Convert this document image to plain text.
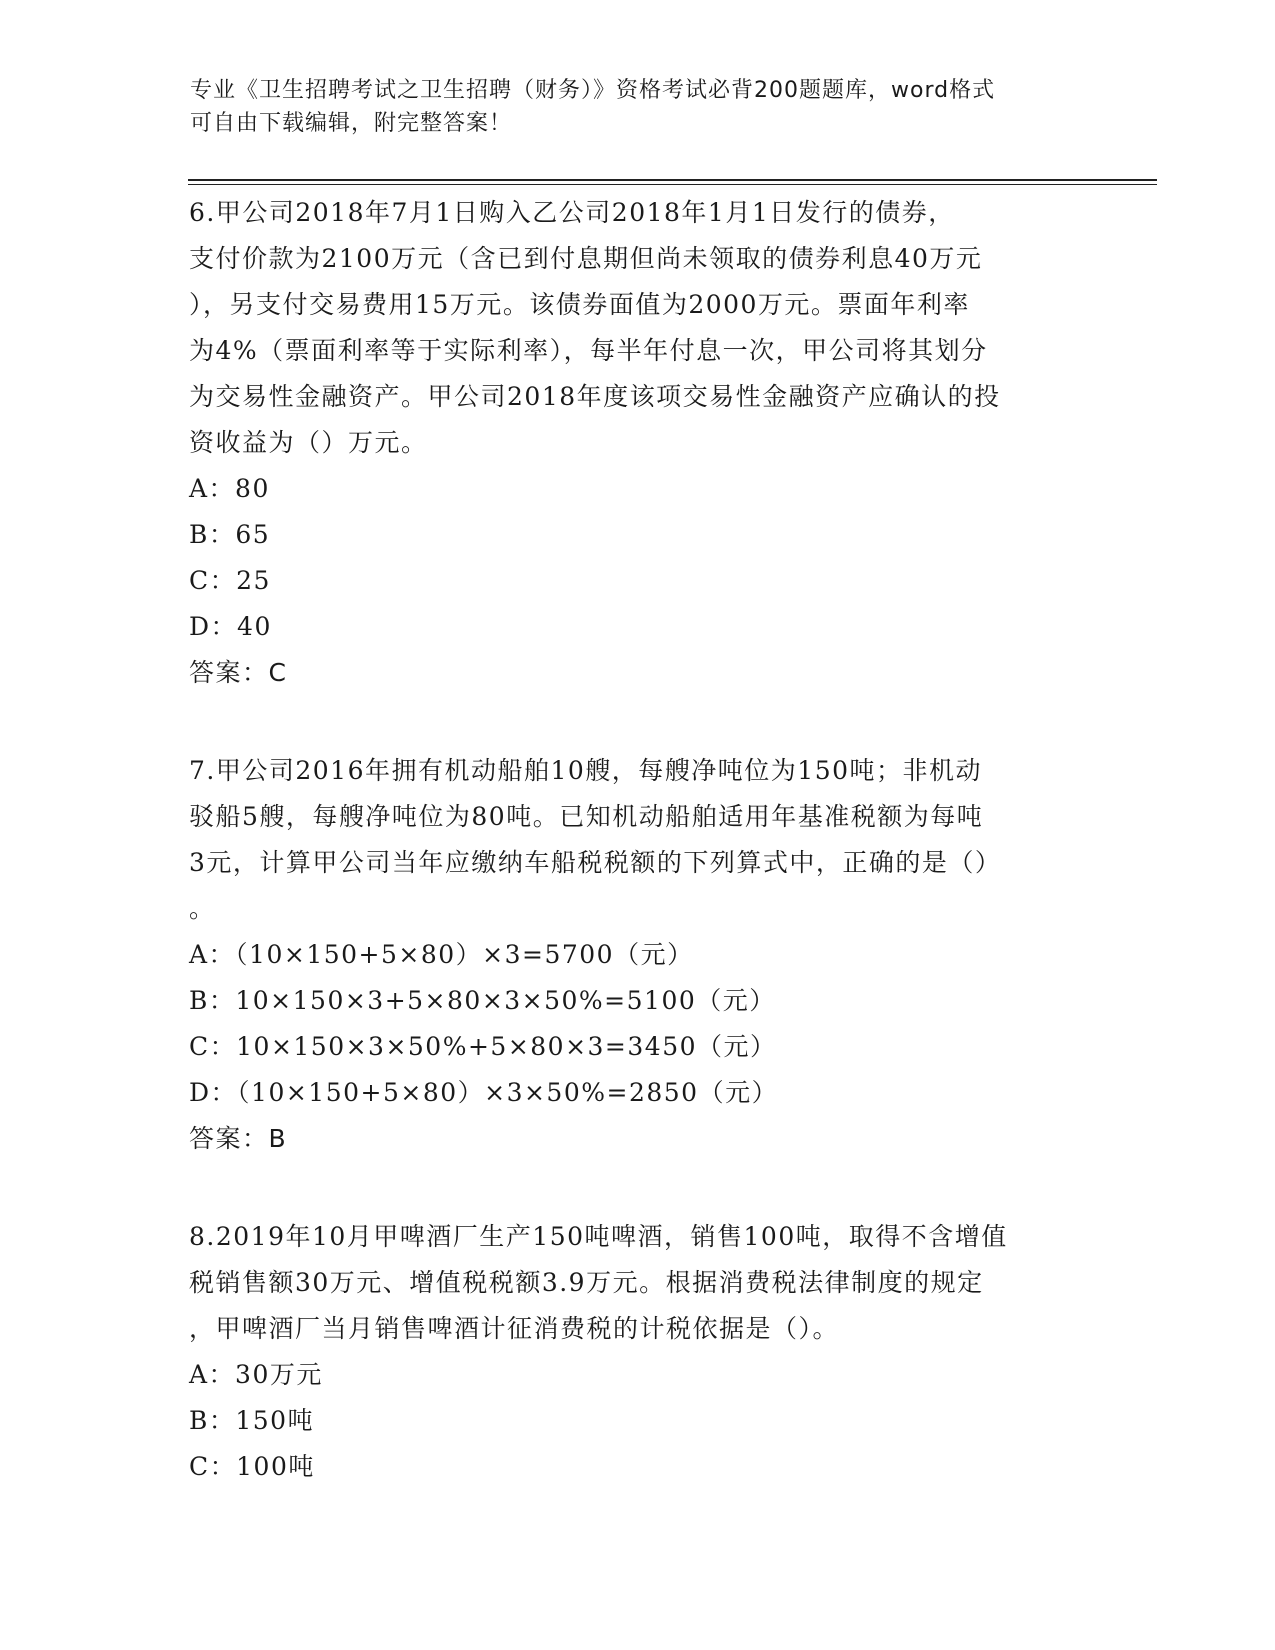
专业《卫生招聘考试之卫生招聘（财务）》资格考试必背200题题库，word格式
可自由下载编辑，附完整答案！
6.甲公司2018年7月1日购入乙公司2018年1月1日发行的债券，
支付价款为2100万元（含已到付息期但尚未领取的债券利息40万元
），另支付交易费用15万元。该债券面值为2000万元。票面年利率
为4%（票面利率等于实际利率），每半年付息一次，甲公司将其划分
为交易性金融资产。甲公司2018年度该项交易性金融资产应确认的投
资收益为（）万元。
A：80
B：65
C：25
D：40
答案：C
7.甲公司2016年拥有机动船舶10艘，每艘净吨位为150吨；非机动
驳船5艘，每艘净吨位为80吨。已知机动船舶适用年基准税额为每吨
3元，计算甲公司当年应缴纳车船税税额的下列算式中，正确的是（）
。
A：（10×150+5×80）×3=5700（元）
B：10×150×3+5×80×3×50%=5100（元）
C：10×150×3×50%+5×80×3=3450（元）
D：（10×150+5×80）×3×50%=2850（元）
答案：B
8.2019年10月甲啤酒厂生产150吨啤酒，销售100吨，取得不含增值
税销售额30万元、增值税税额3.9万元。根据消费税法律制度的规定
，甲啤酒厂当月销售啤酒计征消费税的计税依据是（）。
A：30万元
B：150吨
C：100吨
